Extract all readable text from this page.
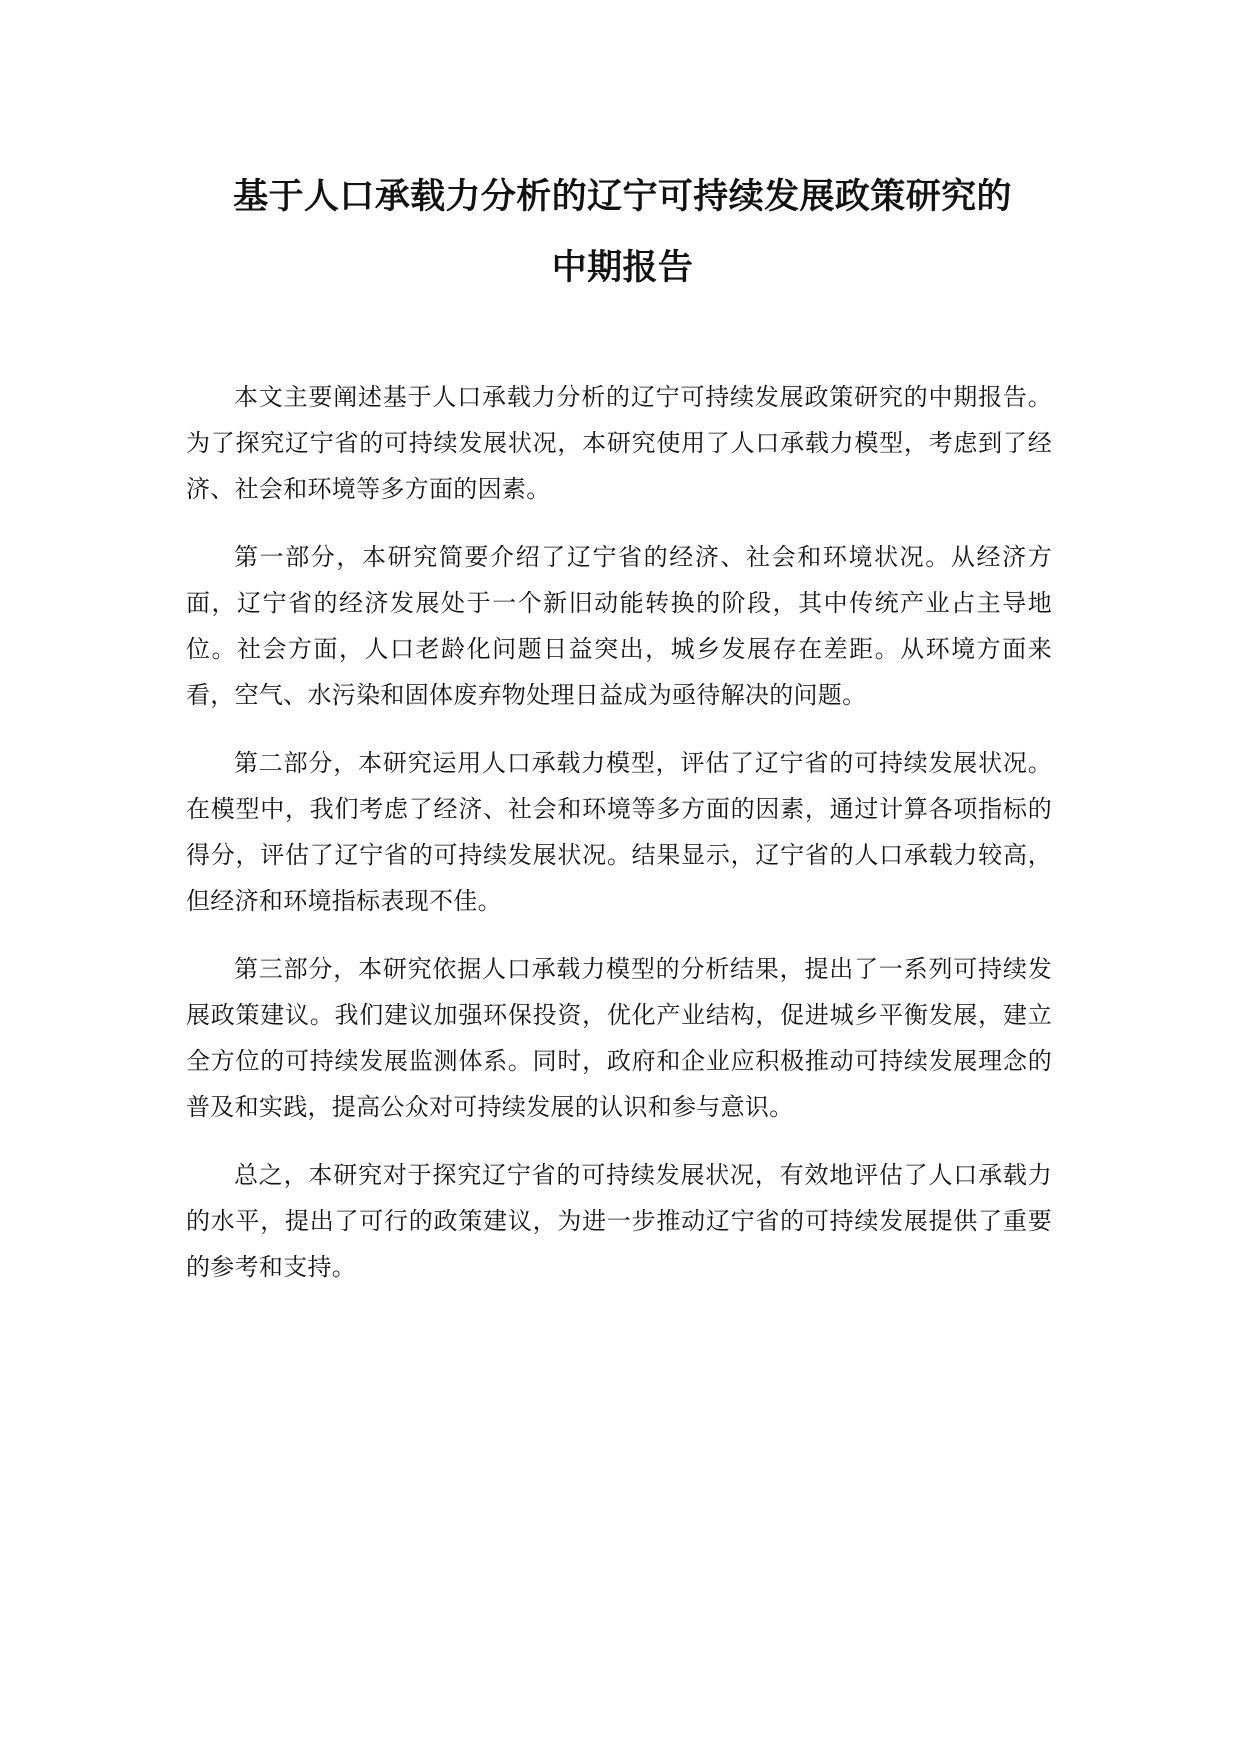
基于人口承载力分析的辽宁可持续发展政策研究的
中期报告

本文主要阐述基于人口承载力分析的辽宁可持续发展政策研究的中期报告。为了探究辽宁省的可持续发展状况，本研究使用了人口承载力模型，考虑到了经济、社会和环境等多方面的因素。

第一部分，本研究简要介绍了辽宁省的经济、社会和环境状况。从经济方面，辽宁省的经济发展处于一个新旧动能转换的阶段，其中传统产业占主导地位。社会方面，人口老龄化问题日益突出，城乡发展存在差距。从环境方面来看，空气、水污染和固体废弃物处理日益成为亟待解决的问题。

第二部分，本研究运用人口承载力模型，评估了辽宁省的可持续发展状况。在模型中，我们考虑了经济、社会和环境等多方面的因素，通过计算各项指标的得分，评估了辽宁省的可持续发展状况。结果显示，辽宁省的人口承载力较高，但经济和环境指标表现不佳。

第三部分，本研究依据人口承载力模型的分析结果，提出了一系列可持续发展政策建议。我们建议加强环保投资，优化产业结构，促进城乡平衡发展，建立全方位的可持续发展监测体系。同时，政府和企业应积极推动可持续发展理念的普及和实践，提高公众对可持续发展的认识和参与意识。

总之，本研究对于探究辽宁省的可持续发展状况，有效地评估了人口承载力的水平，提出了可行的政策建议，为进一步推动辽宁省的可持续发展提供了重要的参考和支持。
